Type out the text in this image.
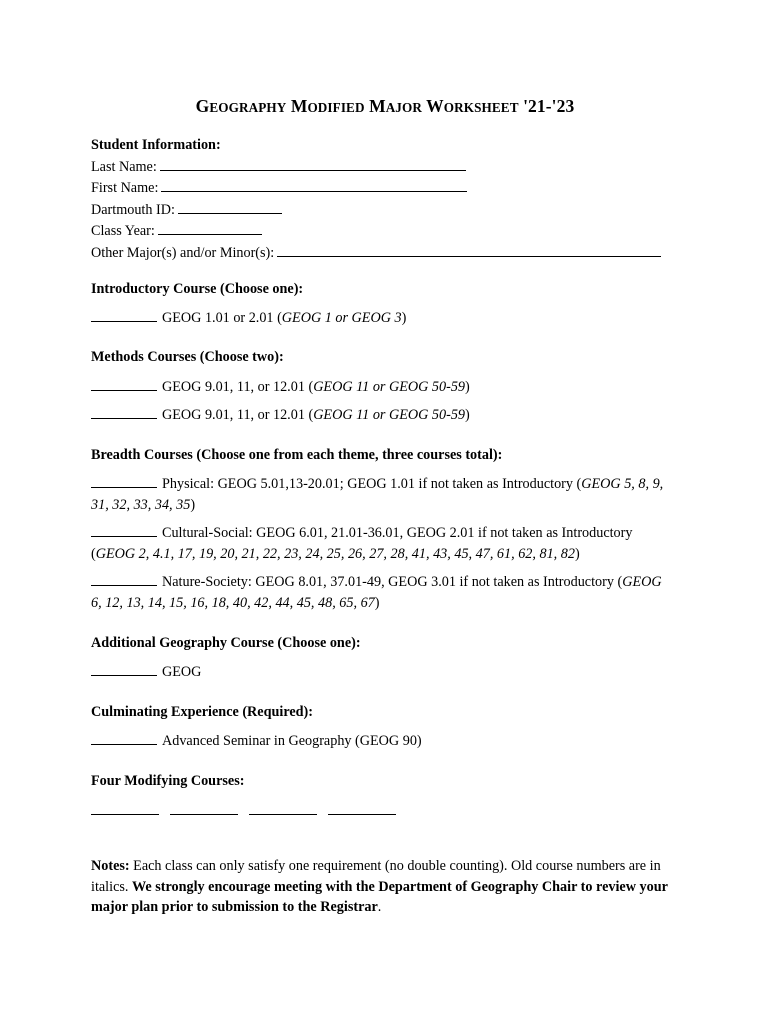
GEOGRAPHY MODIFIED MAJOR WORKSHEET '21-'23

Student Information:

Last Name:

First Name:

Dartmouth ID:

Class Year:

Other Major(s) and/or Minor(s):

Introductory Course (Choose one):

GEOG 1.01 or 2.01 (GEOG 1 or GEOG 3)

Methods Courses (Choose two):

GEOG 9.01, 11, or 12.01 (GEOG 11 or GEOG 50-59)

GEOG 9.01, 11, or 12.01 (GEOG 11 or GEOG 50-59)

Breadth Courses (Choose one from each theme, three courses total):

Physical: GEOG 5.01,13-20.01; GEOG 1.01 if not taken as Introductory (GEOG 5, 8, 9, 31, 32, 33, 34, 35)

Cultural-Social: GEOG 6.01, 21.01-36.01, GEOG 2.01 if not taken as Introductory (GEOG 2, 4.1, 17, 19, 20, 21, 22, 23, 24, 25, 26, 27, 28, 41, 43, 45, 47, 61, 62, 81, 82)

Nature-Society: GEOG 8.01, 37.01-49, GEOG 3.01 if not taken as Introductory (GEOG 6, 12, 13, 14, 15, 16, 18, 40, 42, 44, 45, 48, 65, 67)

Additional Geography Course (Choose one):

GEOG

Culminating Experience (Required):

Advanced Seminar in Geography (GEOG 90)

Four Modifying Courses:

Notes: Each class can only satisfy one requirement (no double counting). Old course numbers are in italics. We strongly encourage meeting with the Department of Geography Chair to review your major plan prior to submission to the Registrar.
